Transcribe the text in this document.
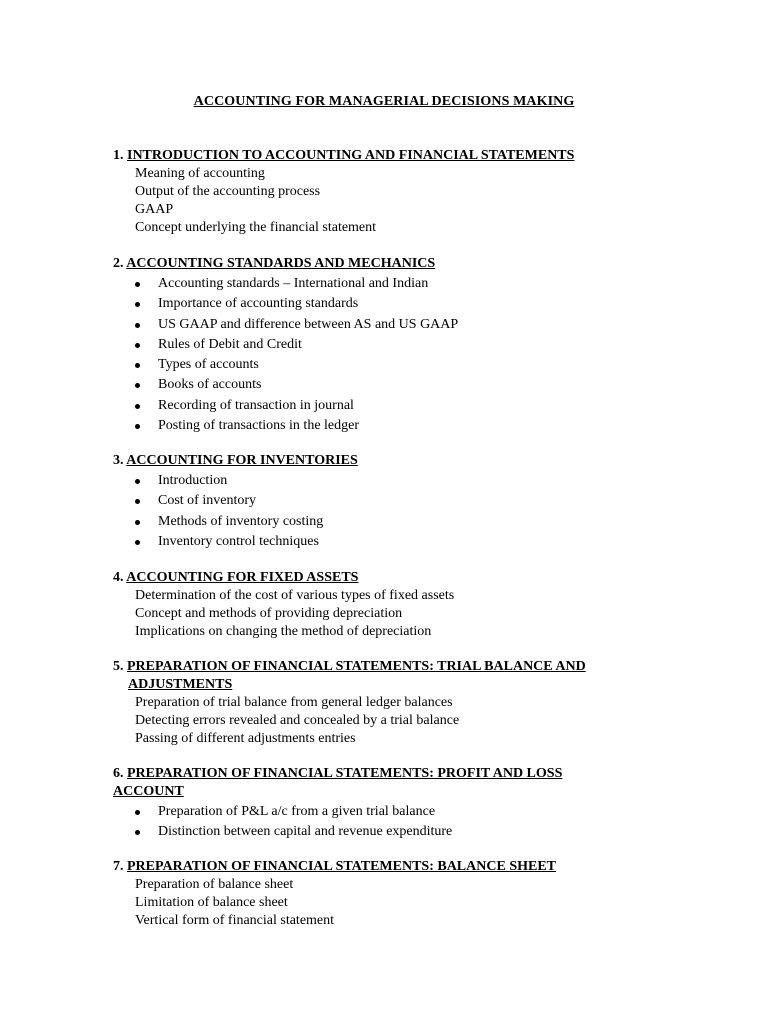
ACCOUNTING FOR MANAGERIAL DECISIONS MAKING
1. INTRODUCTION TO ACCOUNTING AND FINANCIAL STATEMENTS
Meaning of accounting
Output of the accounting process
GAAP
Concept underlying the financial statement
2. ACCOUNTING STANDARDS AND MECHANICS
Accounting standards – International and Indian
Importance of accounting standards
US GAAP and difference between AS and US GAAP
Rules of Debit and Credit
Types of accounts
Books of accounts
Recording of transaction in journal
Posting of transactions in the ledger
3. ACCOUNTING FOR INVENTORIES
Introduction
Cost of inventory
Methods of inventory costing
Inventory control techniques
4. ACCOUNTING FOR FIXED ASSETS
Determination of the cost of various types of fixed assets
Concept and methods of providing depreciation
Implications on changing the method of depreciation
5. PREPARATION OF FINANCIAL STATEMENTS: TRIAL BALANCE AND
ADJUSTMENTS
Preparation of trial balance from general ledger balances
Detecting errors revealed and concealed by a trial balance
Passing of different adjustments entries
6. PREPARATION OF FINANCIAL STATEMENTS: PROFIT AND LOSS
ACCOUNT
Preparation of P&L a/c from a given trial balance
Distinction between capital and revenue expenditure
7. PREPARATION OF FINANCIAL STATEMENTS: BALANCE SHEET
Preparation of balance sheet
Limitation of balance sheet
Vertical form of financial statement
